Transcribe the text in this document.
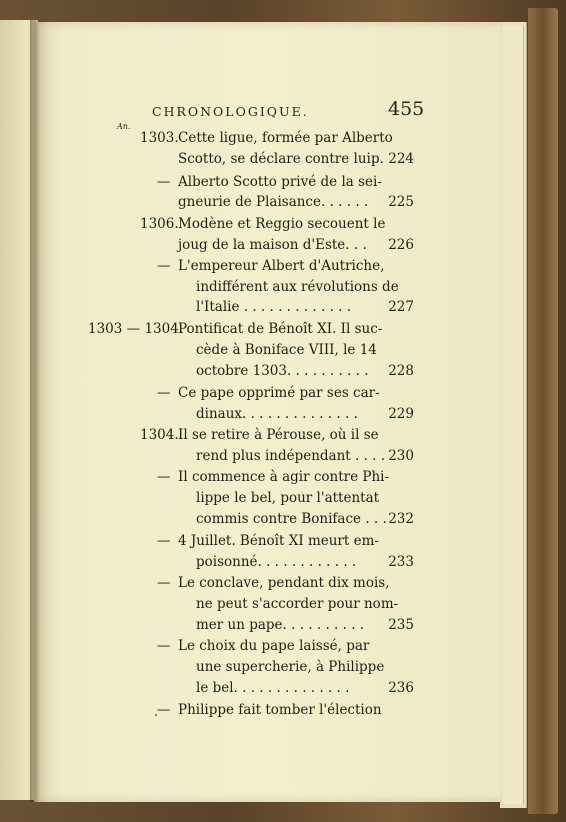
CHRONOLOGIQUE.	455
An.
1303. Cette ligue, formée par Alberto
Scotto, se déclare contre lui.
p. 224
— Alberto Scotto privé de la sei-
gneurie de Plaisance. . . . . . 225
1306. Modène et Reggio secouent le
joug de la maison d'Este. . . 226
— L'empereur Albert d'Autriche,
indifférent aux révolutions de
l'Italie . . . . . . . . . . . . .	227
1303 — 1304.
Pontificat de Bénoît XI. Il suc-
cède à Boniface VIII, le 14
octobre 1303. . . . . . . . . . 228
— Ce pape opprimé par ses car-
dinaux. . . . . . . . . . . . . . 229
1304. Il se retire à Pérouse, où il se
rend plus indépendant . . . . 230
— Il commence à agir contre Phi-
lippe le bel, pour l'attentat
commis contre Boniface . . . 232
— 4 Juillet. Bénoît XI meurt em-
poisonné. . . . . . . . . . . . 233
— Le conclave, pendant dix mois,
ne peut s'accorder pour nom-
mer un pape. . . . . . . . . . 235
— Le choix du pape laissé, par
une supercherie, à Philippe
le bel. . . . . . . . . . . . . .	236
— Philippe fait tomber l'élection
